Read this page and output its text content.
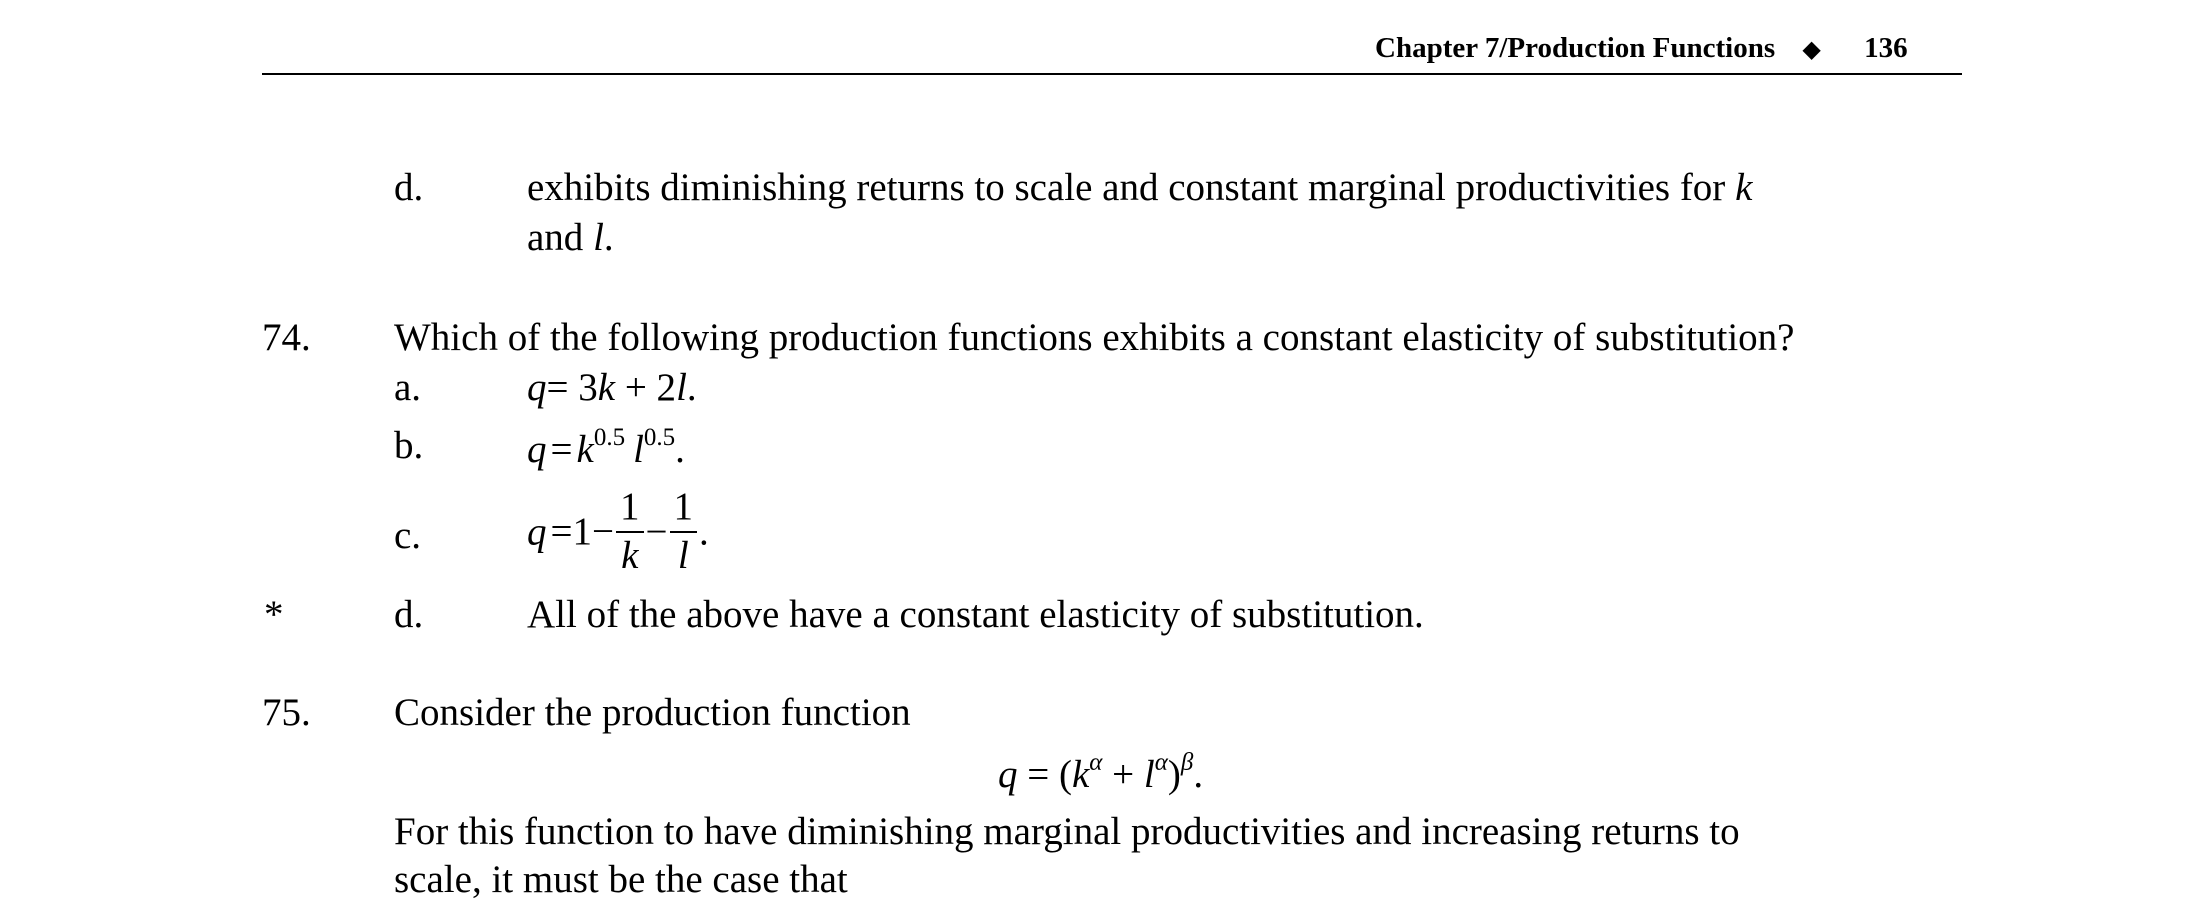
Chapter 7/Production Functions ◆ 136
d.	exhibits diminishing returns to scale and constant marginal productivities for k
and l.
74. Which of the following production functions exhibits a constant elasticity of substitution?
a.	q= 3k + 2l.
b.	$q = k^{0.5}$ $l^{0.5}$.
c.	$q =1- \frac{1}{k} - \frac{1}{l}$ .
*	d.	All of the above have a constant elasticity of substitution.
75. Consider the production function
$q = (k^\alpha + l^\alpha)^\beta$.
For this function to have diminishing marginal productivities and increasing returns to
scale, it must be the case that
